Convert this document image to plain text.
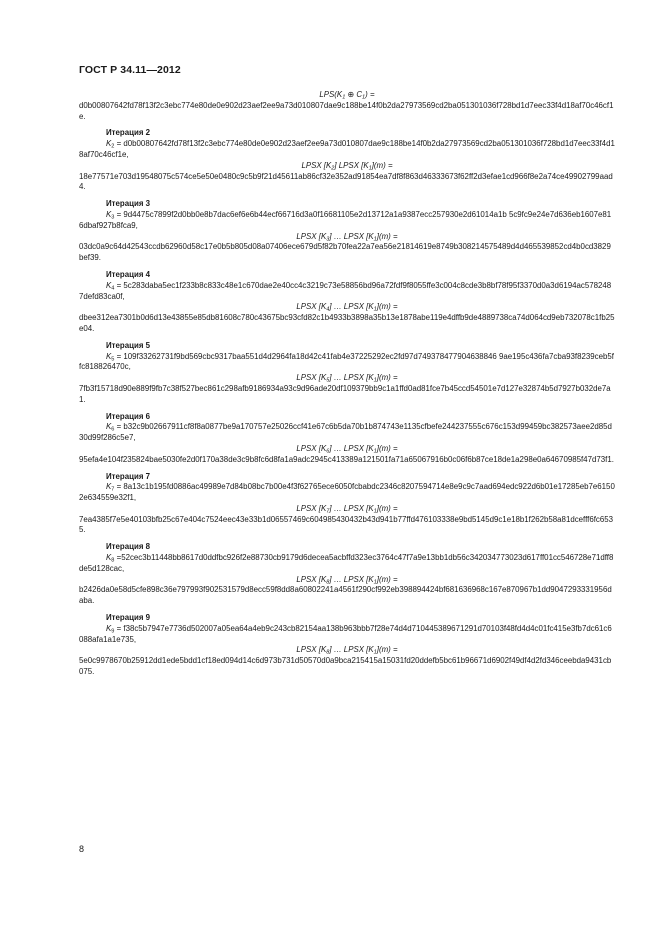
ГОСТ Р 34.11—2012

$LPS(K_1$ ⊕ $C_1$) =

d0b00807642fd78f13f2c3ebc774e80de0e902d23aef2ee9a73d010807dae9c188be14f0b2da27973569cd2ba051301036f728bd1d7eec33f4d18af70c46cf1e.

Итерация 2

$K_2 = d0b00807642fd78f13f2c3ebc774e80de0e902d23aef2ee9a73d010807dae9c188be14f0b2da27973569cd2ba051301036f728bd1d7eec33f4d18af7$0c46cf1e,

LPSX $[K_2]$ LPSX $[K_1](m)$ =

18e77571e703d19548075c574ce5e50e0480c9c5b9f21d45611ab86cf32e352ad91854ea7df8f863d46333673f62ff2d3efae1cd966f8e2a74ce49902799aad4.

Итерация 3

$K_3 = 9d4475c7899f2d0bb0e8b7dac6ef6e6b44ecf66716d3a0f16681105e2d13712a1a9387ecc257930e2d61014a1b$ 5c9fc9e24e7d636eb1607e816dbaf927b8fca9,

LPSX $[K_3]$ … LPSX $[K_1](m)$ =

03dc0a9c64d42543ccdb62960d58c17e0b5b805d08a07406ece679d5f82b70fea22a7ea56e21814619e8749b308214575489d4d465539852cd4b0cd3829bef39.

Итерация 4

$K_4$ = 5c283daba5ec1f233b8c833c48e1c670dae2e40cc4c3219c73e58856bd96a72fdf9f8055ffe3c004c8cde3b8bf78f95f3370d0a3d6194ac5782487defd83ca0f,

LPSX $[K_4]$ … LPSX $[K_1](m)$ =

dbee312ea7301b0d6d13e43855e85db81608c780c43675bc93cfd82c1b4933b3898a35b13e1878abe119e4dffb9de4889738ca74d064cd9eb732078c1fb25e04.

Итерация 5

$K_5 = 109f33262731f9bd569cbc9317baa551d4d2964fa18d42c41fab4e37225292ec2fd97d749378477904638846$ 9ae195c436fa7cba93f8239ceb5ffc818826470c,

LPSX $[K_5]$ … LPSX $[K_1](m)$ =

7fb3f15718d90e889f9fb7c38f527bec861c298afb9186934a93c9d96ade20df109379bb9c1a1ffd0ad81fce7b45ccd54501e7d127e32874b5d7927b032de7a1.

Итерация 6

$K_6$ = b32c9b02667911cf8f8a0877be9a170757e25026ccf41e67c6b5da70b1b874743e1135cfbefe244237555c676c153d99459bc382573aee2d85d30d99f286c5e7,

LPSX $[K_6]$ … LPSX $[K_1](m)$ =

95efa4e104f235824bae5030fe2d0f170a38de3c9b8fc6d8fa1a9adc2945c413389a121501fa71a65067916b0c06f6b87ce18de1a298e0a64670985f47d73f1.

Итерация 7

$K_7$ = 8a13c1b195fd0886ac49989e7d84b08bc7b00e4f3f62765ece6050fcbabdc2346c8207594714e8e9c9c7aad694edc922d6b01e17285eb7e61502e634559e32f1,

LPSX $[K_7]$ … LPSX $[K_1](m)$ =

7ea4385f7e5e40103bfb25c67e404c7524eec43e33b1d06557469c604985430432b43d941b77ffd476103338e9bd5145d9c1e18b1f262b58a81dcefff6fc6535.

Итерация 8

$K_8$ =52cec3b11448bb8617d0ddfbc926f2e88730cb9179d6decea5acbffd323ec3764c47f7a9e13bb1db56c342034773023d617ff01cc546728e71dff8de5d128cac,

LPSX $[K_8]$ … LPSX $[K_1](m)$ =

b2426da0e58d5cfe898c36e797993f902531579d8ecc59f8dd8a60802241a4561f290cf992eb398894424bf681636968c167e870967b1dd9047293331956daba.

Итерация 9

$K_9 = f38c5b7947e7736d502007a05ea64a4eb9c243cb82154aa138b963bbb7f28e74d4d710445389671291d70103f48fd4d4c01fc415e3fb7dc61c6088af$a1a1e735,

LPSX $[K_8]$ … LPSX $[K_1](m)$ =

5e0c9978670b25912dd1ede5bdd1cf18ed094d14c6d973b731d50570d0a9bca215415a15031fd20ddefb5bc61b96671d6902f49df4d2fd346ceebda9431cb075.

8
